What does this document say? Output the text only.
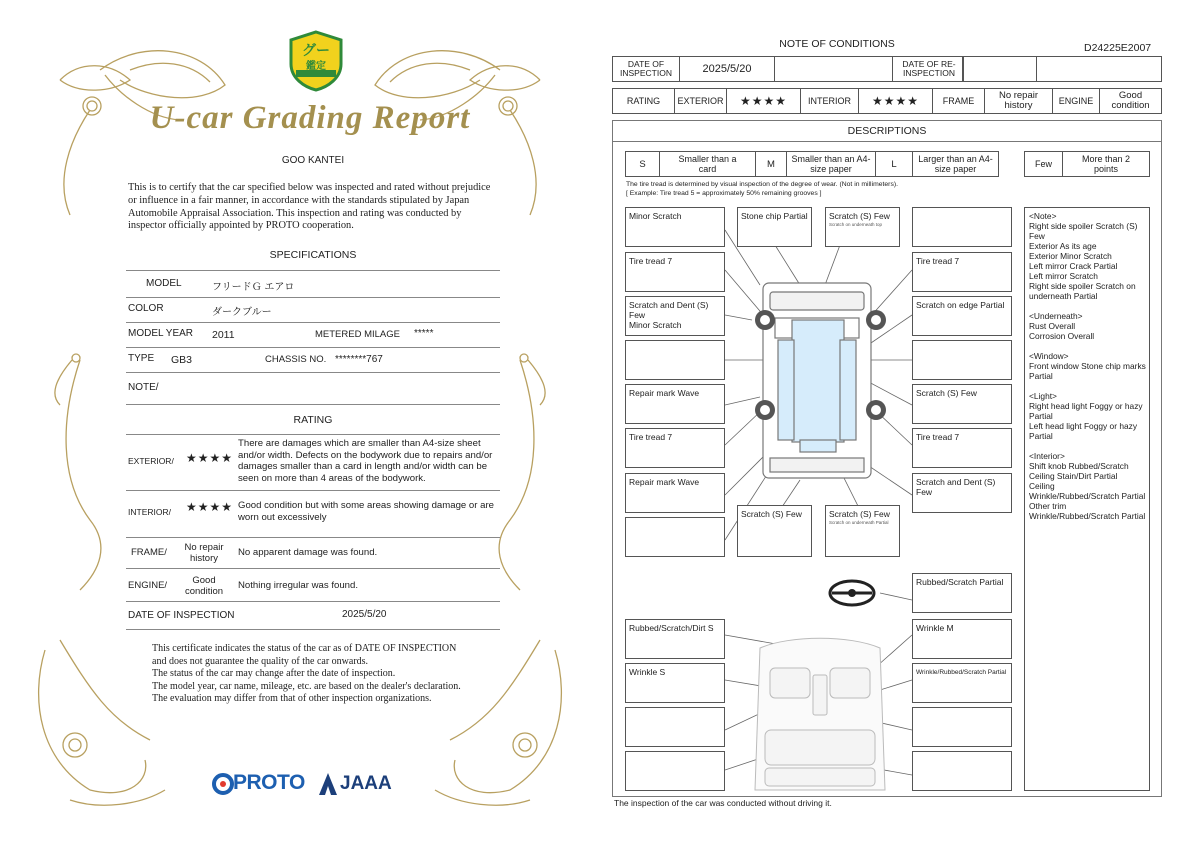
グー
鑑定
U-car Grading Report
GOO KANTEI
This is to certify that the car specified below was inspected and rated without prejudice or influence in a fair manner, in accordance with the standards stipulated by Japan Automobile Appraisal Association. This inspection and rating was conducted by inspector officially appointed by PROTO cooperation.
SPECIFICATIONS
MODEL	フリードＧ エアロ
COLOR	ダークブルー
MODEL YEAR 2011	METERED MILAGE *****
TYPE GB3	CHASSIS NO. ********767
NOTE/
RATING
EXTERIOR/ ★★★★
There are damages which are smaller than A4-size sheet and/or width. Defects on the bodywork due to repairs and/or damages smaller than a card in length and/or width can be seen on more than 4 areas of the bodywork.
INTERIOR/ ★★★★ Good condition but with some areas showing damage or are worn out excessively
FRAME/	No repair history
No apparent damage was found.
ENGINE/	Good condition
Nothing irregular was found.
DATE OF INSPECTION	2025/5/20
This certificate indicates the status of the car as of DATE OF INSPECTION and does not guarantee the quality of the car onwards.
The status of the car may change after the date of inspection.
The model year, car name, mileage, etc. are based on the dealer's declaration.
The evaluation may differ from that of other inspection organizations.
PROTO JAAA
NOTE OF CONDITIONS	D24225E2007
DATE OF INSPECTION	2025/5/20	DATE OF RE-INSPECTION
RATING	EXTERIOR	★★★★	INTERIOR	★★★★	FRAME	No repair history	ENGINE	Good condition
DESCRIPTIONS
S	Smaller than a card	M	Smaller than an A4-size paper	L	Larger than an A4-size paper
Few	More than 2 points
The tire tread is determined by visual inspection of the degree of wear. (Not in millimeters).
[ Example: Tire tread 5 = approximately 50% remaining grooves ]
Minor Scratch	Stone chip Partial	Scratch (S) Few
Scratch on underneath top
Tire tread 7	Tire tread 7
Scratch and Dent (S) Few
Minor Scratch
Scratch on edge Partial
Repair mark Wave	Scratch (S) Few
Tire tread 7	Tire tread 7
Repair mark Wave	Scratch and Dent (S) Few
Scratch (S) Few	Scratch (S) Few
Scratch on underneath Partial
Rubbed/Scratch Partial
Rubbed/Scratch/Dirt S	Wrinkle M
Wrinkle S	Wrinkle/Rubbed/Scratch Partial
<Note>
Right side spoiler Scratch (S) Few
Exterior As its age
Exterior Minor Scratch
Left mirror Crack Partial
Left mirror Scratch
Right side spoiler Scratch on underneath Partial

<Underneath>
Rust Overall
Corrosion Overall

<Window>
Front window Stone chip marks Partial

<Light>
Right head light Foggy or hazy Partial
Left head light Foggy or hazy Partial

<Interior>
Shift knob Rubbed/Scratch
Ceiling Stain/Dirt Partial
Ceiling Wrinkle/Rubbed/Scratch Partial
Other trim Wrinkle/Rubbed/Scratch Partial
The inspection of the car was conducted without driving it.
